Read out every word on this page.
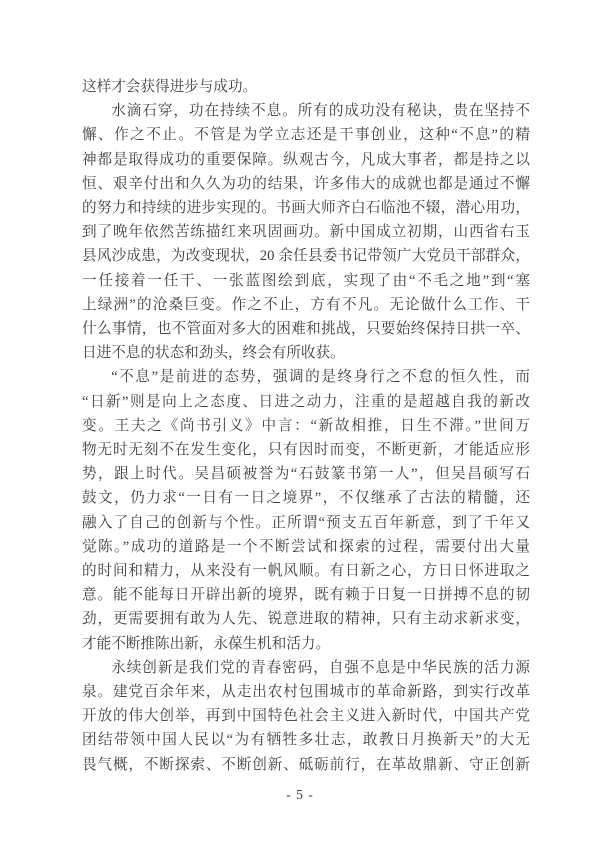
这样才会获得进步与成功。
水滴石穿，功在持续不息。所有的成功没有秘诀，贵在坚持不
懈、作之不止。不管是为学立志还是干事创业，这种“不息”的精
神都是取得成功的重要保障。纵观古今，凡成大事者，都是持之以
恒、艰辛付出和久久为功的结果，许多伟大的成就也都是通过不懈
的努力和持续的进步实现的。书画大师齐白石临池不辍，潜心用功，
到了晚年依然苦练描红来巩固画功。新中国成立初期，山西省右玉
县风沙成患，为改变现状，20 余任县委书记带领广大党员干部群众，
一任接着一任干、一张蓝图绘到底，实现了由“不毛之地”到“塞
上绿洲”的沧桑巨变。作之不止，方有不凡。无论做什么工作、干
什么事情，也不管面对多大的困难和挑战，只要始终保持日拱一卒、
日进不息的状态和劲头，终会有所收获。
“不息”是前进的态势，强调的是终身行之不怠的恒久性，而
“日新”则是向上之态度、日进之动力，注重的是超越自我的新改
变。王夫之《尚书引义》中言：“新故相推，日生不滞。”世间万
物无时无刻不在发生变化，只有因时而变，不断更新，才能适应形
势，跟上时代。吴昌硕被誉为“石鼓篆书第一人”，但吴昌硕写石
鼓文，仍力求“一日有一日之境界”，不仅继承了古法的精髓，还
融入了自己的创新与个性。正所谓“预支五百年新意，到了千年又
觉陈。”成功的道路是一个不断尝试和探索的过程，需要付出大量
的时间和精力，从来没有一帆风顺。有日新之心，方日日怀进取之
意。能不能每日开辟出新的境界，既有赖于日复一日拼搏不息的韧
劲，更需要拥有敢为人先、锐意进取的精神，只有主动求新求变，
才能不断推陈出新，永葆生机和活力。
永续创新是我们党的青春密码，自强不息是中华民族的活力源
泉。建党百余年来，从走出农村包围城市的革命新路，到实行改革
开放的伟大创举，再到中国特色社会主义进入新时代，中国共产党
团结带领中国人民以“为有牺牲多壮志，敢教日月换新天”的大无
畏气概，不断探索、不断创新、砥砺前行，在革故鼎新、守正创新
- 5 -
